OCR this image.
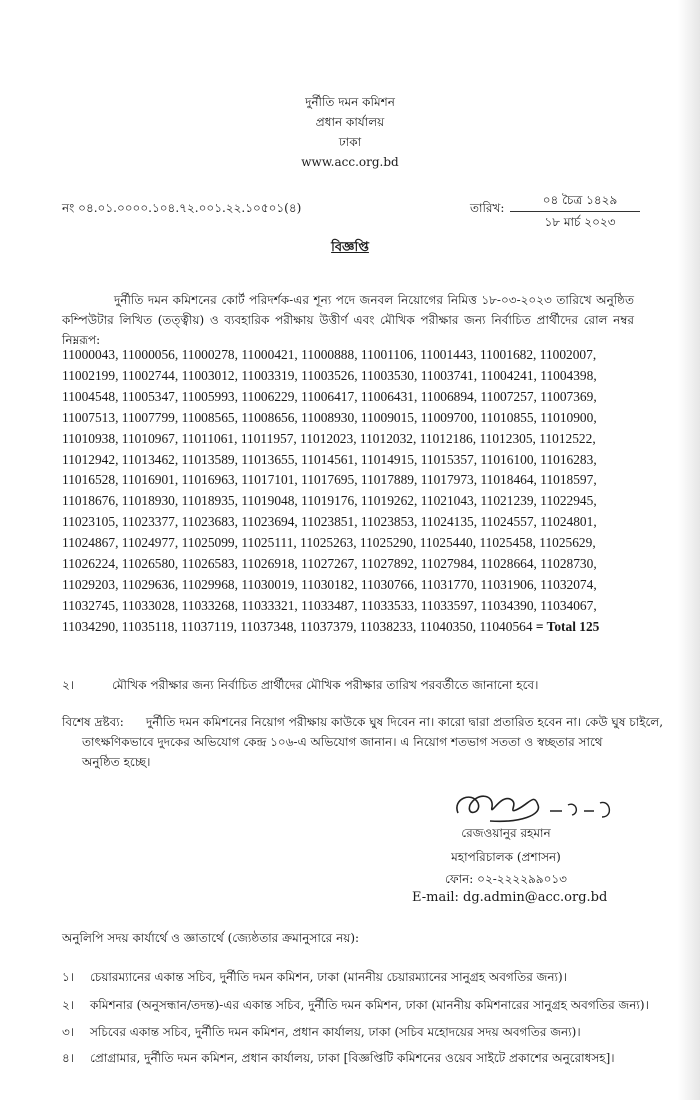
দুর্নীতি দমন কমিশন
প্রধান কার্যালয়
ঢাকা
www.acc.org.bd
নং ০৪.০১.০০০০.১০৪.৭২.০০১.২২.১০৫০১(৪)	তারিখ:
০৪ চৈত্র ১৪২৯
১৮ মার্চ ২০২৩
বিজ্ঞপ্তি
দুর্নীতি দমন কমিশনের কোর্ট পরিদর্শক-এর শূন্য পদে জনবল নিয়োগের নিমিত্ত ১৮-০৩-২০২৩ তারিখে অনুষ্ঠিত কম্পিউটার লিখিত (তত্ত্বীয়) ও ব্যবহারিক পরীক্ষায় উত্তীর্ণ এবং মৌখিক পরীক্ষার জন্য নির্বাচিত প্রার্থীদের রোল নম্বর নিম্নরূপ:
11000043, 11000056, 11000278, 11000421, 11000888, 11001106, 11001443, 11001682, 11002007,
11002199, 11002744, 11003012, 11003319, 11003526, 11003530, 11003741, 11004241, 11004398,
11004548, 11005347, 11005993, 11006229, 11006417, 11006431, 11006894, 11007257, 11007369,
11007513, 11007799, 11008565, 11008656, 11008930, 11009015, 11009700, 11010855, 11010900,
11010938, 11010967, 11011061, 11011957, 11012023, 11012032, 11012186, 11012305, 11012522,
11012942, 11013462, 11013589, 11013655, 11014561, 11014915, 11015357, 11016100, 11016283,
11016528, 11016901, 11016963, 11017101, 11017695, 11017889, 11017973, 11018464, 11018597,
11018676, 11018930, 11018935, 11019048, 11019176, 11019262, 11021043, 11021239, 11022945,
11023105, 11023377, 11023683, 11023694, 11023851, 11023853, 11024135, 11024557, 11024801,
11024867, 11024977, 11025099, 11025111, 11025263, 11025290, 11025440, 11025458, 11025629,
11026224, 11026580, 11026583, 11026918, 11027267, 11027892, 11027984, 11028664, 11028730,
11029203, 11029636, 11029968, 11030019, 11030182, 11030766, 11031770, 11031906, 11032074,
11032745, 11033028, 11033268, 11033321, 11033487, 11033533, 11033597, 11034390, 11034067,
11034290, 11035118, 11037119, 11037348, 11037379, 11038233, 11040350, 11040564 = Total 125
২।	মৌখিক পরীক্ষার জন্য নির্বাচিত প্রার্থীদের মৌখিক পরীক্ষার তারিখ পরবর্তীতে জানানো হবে।
বিশেষ দ্রষ্টব্য: দুর্নীতি দমন কমিশনের নিয়োগ পরীক্ষায় কাউকে ঘুষ দিবেন না। কারো দ্বারা প্রতারিত হবেন না। কেউ ঘুষ চাইলে,
তাৎক্ষণিকভাবে দুদকের অভিযোগ কেন্দ্র ১০৬-এ অভিযোগ জানান। এ নিয়োগ শতভাগ সততা ও স্বচ্ছতার সাথে
অনুষ্ঠিত হচ্ছে।
রেজওয়ানুর রহমান
মহাপরিচালক (প্রশাসন)
ফোন: ০২-২২২২৯৯০১৩
E-mail: dg.admin@acc.org.bd
অনুলিপি সদয় কার্যার্থে ও জ্ঞাতার্থে (জ্যেষ্ঠতার ক্রমানুসারে নয়):
১। চেয়ারম্যানের একান্ত সচিব, দুর্নীতি দমন কমিশন, ঢাকা (মাননীয় চেয়ারম্যানের সানুগ্রহ অবগতির জন্য)।
২। কমিশনার (অনুসন্ধান/তদন্ত)-এর একান্ত সচিব, দুর্নীতি দমন কমিশন, ঢাকা (মাননীয় কমিশনারের সানুগ্রহ অবগতির জন্য)।
৩। সচিবের একান্ত সচিব, দুর্নীতি দমন কমিশন, প্রধান কার্যালয়, ঢাকা (সচিব মহোদয়ের সদয় অবগতির জন্য)।
৪। প্রোগ্রামার, দুর্নীতি দমন কমিশন, প্রধান কার্যালয়, ঢাকা [বিজ্ঞপ্তিটি কমিশনের ওয়েব সাইটে প্রকাশের অনুরোধসহ]।
